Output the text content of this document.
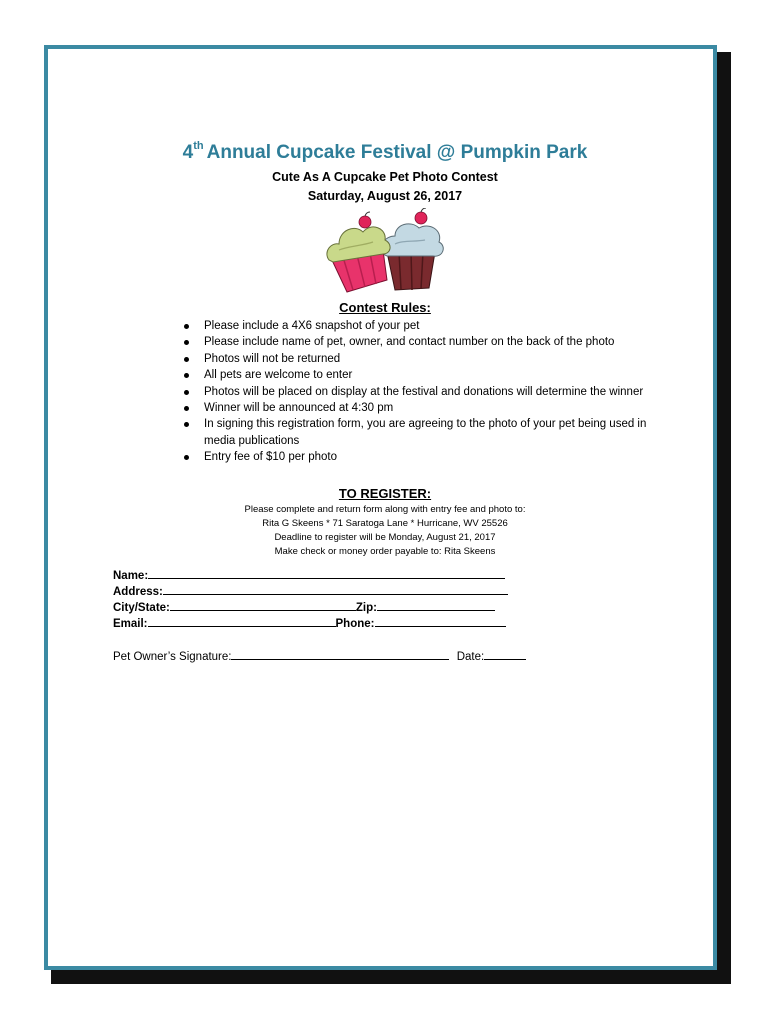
4th Annual Cupcake Festival @ Pumpkin Park
Cute As A Cupcake Pet Photo Contest
Saturday, August 26, 2017
Contest Rules:
Please include a 4X6 snapshot of your pet
Please include name of pet, owner, and contact number on the back of the photo
Photos will not be returned
All pets are welcome to enter
Photos will be placed on display at the festival and donations will determine the winner
Winner will be announced at 4:30 pm
In signing this registration form, you are agreeing to the photo of your pet being used in media publications
Entry fee of $10 per photo
TO REGISTER:
Please complete and return form along with entry fee and photo to:
Rita G Skeens * 71 Saratoga Lane * Hurricane, WV 25526
Deadline to register will be Monday, August 21, 2017
Make check or money order payable to: Rita Skeens
Name:
Address:
City/State:	Zip:
Email:	Phone:
Pet Owner’s Signature:	Date:
